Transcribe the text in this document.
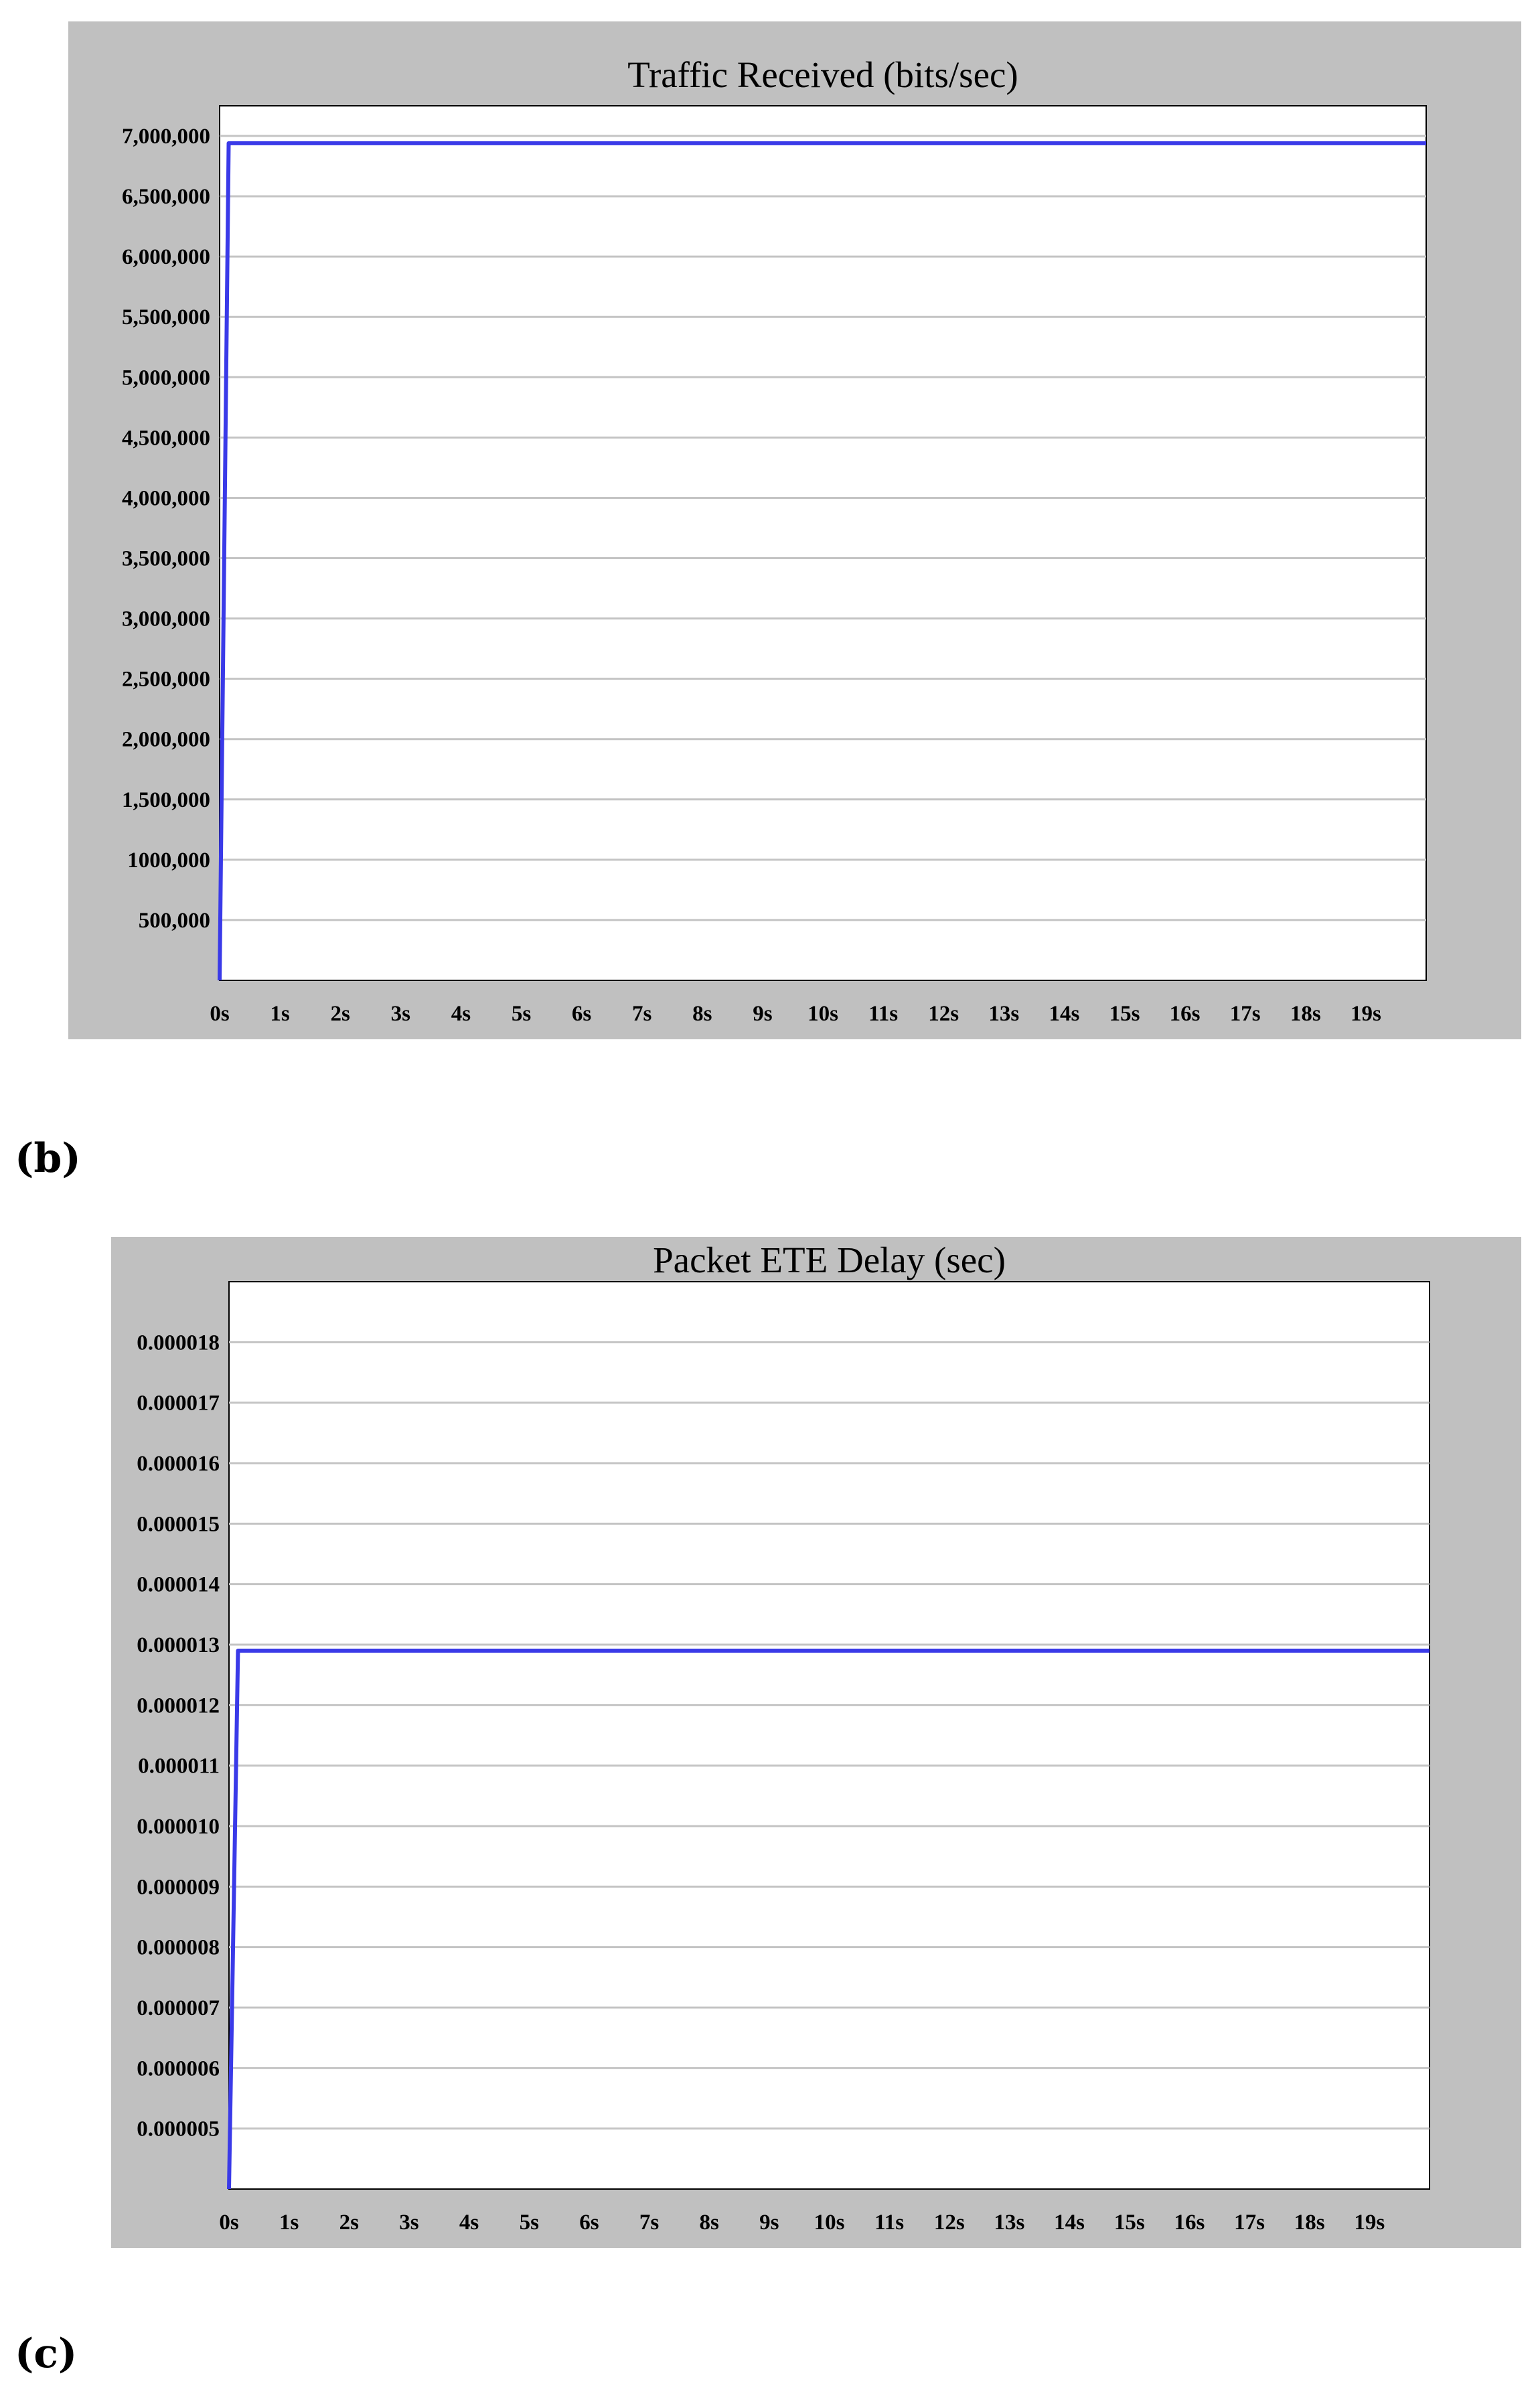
Traffic Received (bits/sec)
500,000
1000,000
1,500,000
2,000,000
2,500,000
3,000,000
3,500,000
4,000,000
4,500,000
5,000,000
5,500,000
6,000,000
6,500,000
7,000,000
0s 1s 2s 3s 4s 5s 6s 7s 8s 9s 10s 11s 12s 13s 14s 15s 16s 17s 18s 19s
(b)
Packet ETE Delay (sec)
0.000005
0.000006
0.000007
0.000008
0.000009
0.000010
0.000011
0.000012
0.000013
0.000014
0.000015
0.000016
0.000017
0.000018
0s 1s 2s 3s 4s 5s 6s 7s 8s 9s 10s 11s 12s 13s 14s 15s 16s 17s 18s 19s
(c)
